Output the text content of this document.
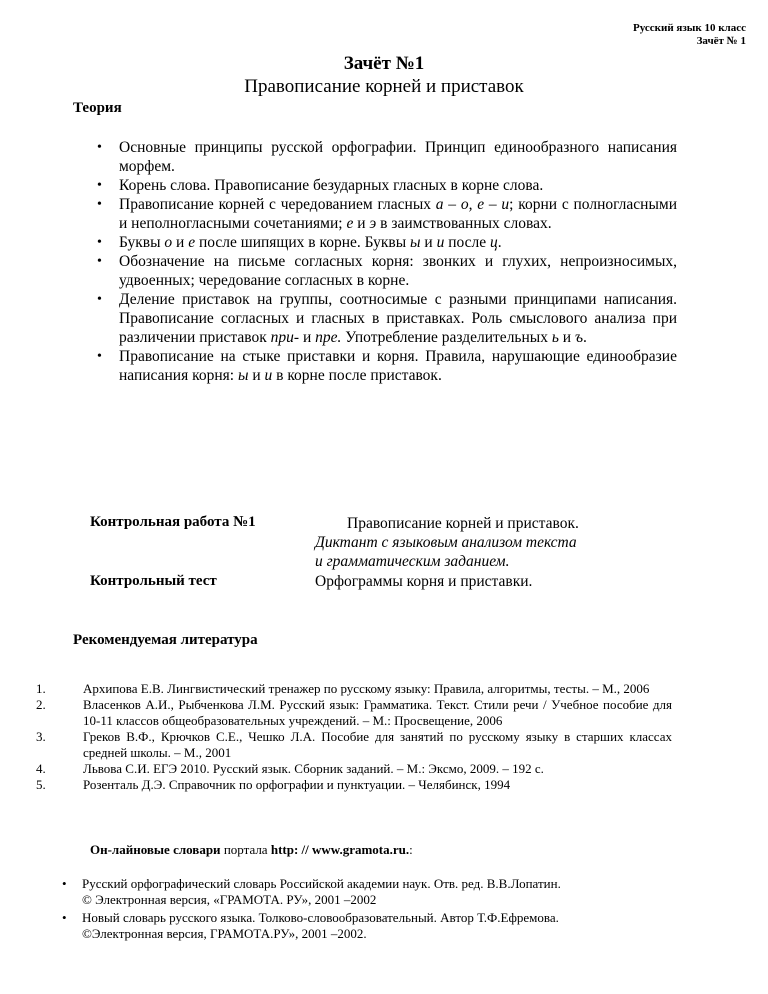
Русский язык 10 класс
Зачёт № 1
Зачёт №1
Правописание корней и приставок
Теория
• Основные принципы русской орфографии. Принцип единообразного написания морфем.
• Корень слова. Правописание безударных гласных в корне слова.
• Правописание корней с чередованием гласных а – о, е – и; корни с полногласными и неполногласными сочетаниями; е и э в заимствованных словах.
• Буквы о и е после шипящих в корне. Буквы ы и и после ц.
• Обозначение на письме согласных корня: звонких и глухих, непроизносимых, удвоенных; чередование согласных в корне.
• Деление приставок на группы, соотносимые с разными принципами написания. Правописание согласных и гласных в приставках. Роль смыслового анализа при различении приставок при- и пре. Употребление разделительных ь и ъ.
• Правописание на стыке приставки и корня. Правила, нарушающие единообразие написания корня: ы и и в корне после приставок.
Контрольная работа №1	Правописание корней и приставок.
Диктант с языковым анализом текста
и грамматическим заданием.
Контрольный тест	Орфограммы корня и приставки.
Рекомендуемая литература
1.	Архипова Е.В. Лингвистический тренажер по русскому языку: Правила, алгоритмы, тесты. – М., 2006
2.	Власенков А.И., Рыбченкова Л.М. Русский язык: Грамматика. Текст. Стили речи / Учебное пособие для 10-11 классов общеобразовательных учреждений. – М.: Просвещение, 2006
3.	Греков В.Ф., Крючков С.Е., Чешко Л.А. Пособие для занятий по русскому языку в старших классах средней школы. – М., 2001
4.	Львова С.И. ЕГЭ 2010. Русский язык. Сборник заданий. – М.: Эксмо, 2009. – 192 с.
5.	Розенталь Д.Э. Справочник по орфографии и пунктуации. – Челябинск, 1994
Он-лайновые словари портала http: // www.gramota.ru.:
• Русский орфографический словарь Российской академии наук. Отв. ред. В.В.Лопатин.
© Электронная версия, «ГРАМОТА. РУ», 2001 –2002
• Новый словарь русского языка. Толково-словообразовательный. Автор Т.Ф.Ефремова.
©Электронная версия, ГРАМОТА.РУ», 2001 –2002.
